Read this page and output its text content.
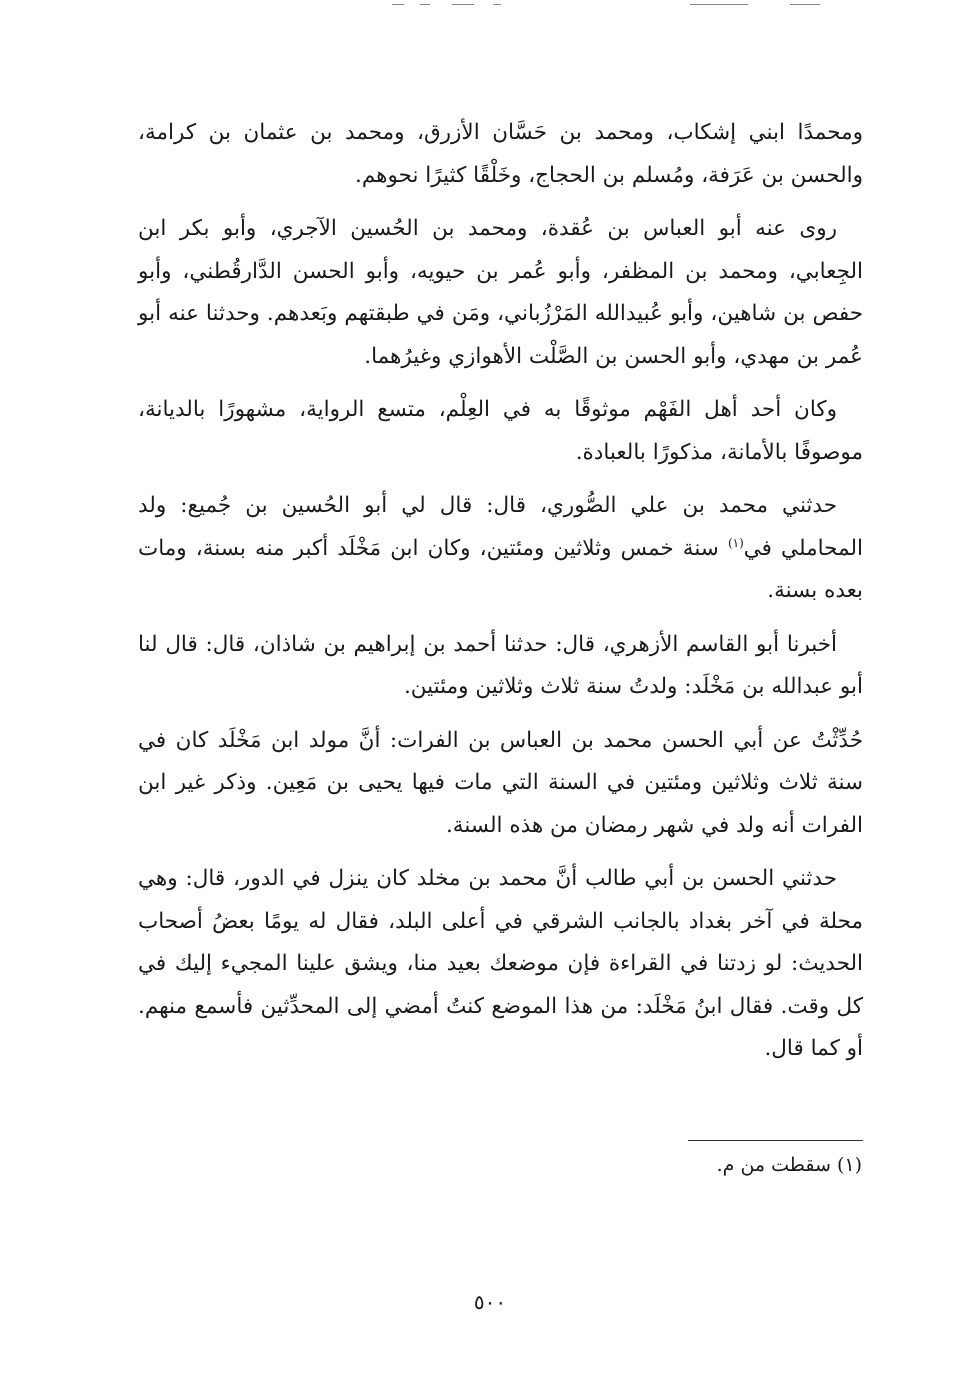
ومحمدًا ابني إشكاب، ومحمد بن حَسَّان الأزرق، ومحمد بن عثمان بن كرامة، والحسن بن عَرَفة، ومُسلم بن الحجاج، وخَلْقًا كثيرًا نحوهم.

روى عنه أبو العباس بن عُقدة، ومحمد بن الحُسين الآجري، وأبو بكر ابن الجِعابي، ومحمد بن المظفر، وأبو عُمر بن حيويه، وأبو الحسن الدَّارقُطني، وأبو حفص بن شاهين، وأبو عُبيدالله المَرْزُباني، ومَن في طبقتهم وبَعدهم. وحدثنا عنه أبو عُمر بن مهدي، وأبو الحسن بن الصَّلْت الأهوازي وغيرُهما.

وكان أحد أهل الفَهْم موثوقًا به في العِلْم، متسع الرواية، مشهورًا بالديانة، موصوفًا بالأمانة، مذكورًا بالعبادة.

حدثني محمد بن علي الصُّوري، قال: قال لي أبو الحُسين بن جُميع: ولد المحاملي في$^{(١)}$ سنة خمس وثلاثين ومئتين، وكان ابن مَخْلَد أكبر منه بسنة، ومات بعده بسنة.

أخبرنا أبو القاسم الأزهري، قال: حدثنا أحمد بن إبراهيم بن شاذان، قال: قال لنا أبو عبدالله بن مَخْلَد: ولدتُ سنة ثلاث وثلاثين ومئتين.

حُدِّثْتُ عن أبي الحسن محمد بن العباس بن الفرات: أنَّ مولد ابن مَخْلَد كان في سنة ثلاث وثلاثين ومئتين في السنة التي مات فيها يحيى بن مَعِين. وذكر غير ابن الفرات أنه ولد في شهر رمضان من هذه السنة.

حدثني الحسن بن أبي طالب أنَّ محمد بن مخلد كان ينزل في الدور، قال: وهي محلة في آخر بغداد بالجانب الشرقي في أعلى البلد، فقال له يومًا بعضُ أصحاب الحديث: لو زدتنا في القراءة فإن موضعك بعيد منا، ويشق علينا المجيء إليك في كل وقت. فقال ابنُ مَخْلَد: من هذا الموضع كنتُ أمضي إلى المحدِّثين فأسمع منهم. أو كما قال.

(١) سقطت من م.

٥٠٠
